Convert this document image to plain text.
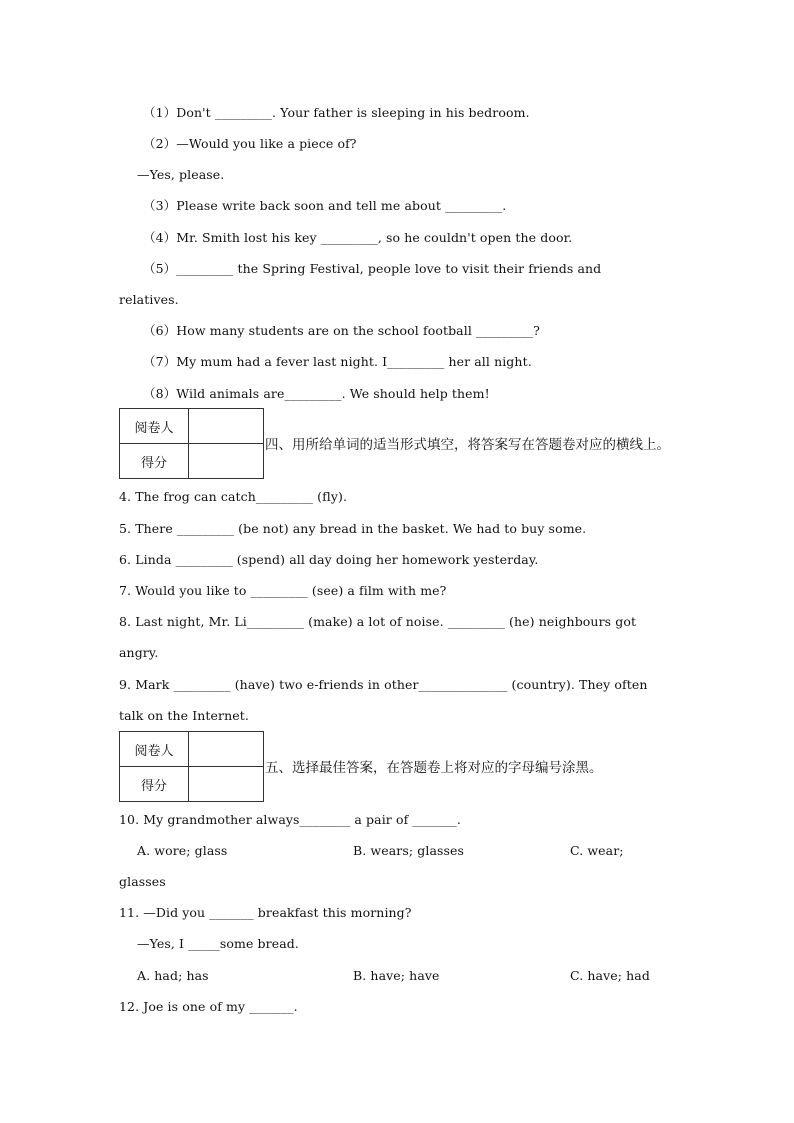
（1）Don't _________. Your father is sleeping in his bedroom.
（2）—Would you like a piece of?
—Yes, please.
（3）Please write back soon and tell me about _________.
（4）Mr. Smith lost his key _________, so he couldn't open the door.
（5）_________ the Spring Festival, people love to visit their friends and
relatives.
（6）How many students are on the school football _________?
（7）My mum had a fever last night. I_________ her all night.
（8）Wild animals are_________. We should help them!
阅卷人	
得分	
四、用所给单词的适当形式填空，将答案写在答题卷对应的横线上。
4. The frog can catch_________ (fly).
5. There _________ (be not) any bread in the basket. We had to buy some.
6. Linda _________ (spend) all day doing her homework yesterday.
7. Would you like to _________ (see) a film with me?
8. Last night, Mr. Li_________ (make) a lot of noise. _________ (he) neighbours got
angry.
9. Mark _________ (have) two e-friends in other______________ (country). They often
talk on the Internet.
阅卷人	
得分	
五、选择最佳答案，在答题卷上将对应的字母编号涂黑。
10. My grandmother always________ a pair of _______.
A. wore; glass	B. wears; glasses	C. wear;
glasses
11. —Did you _______ breakfast this morning?
—Yes, I _____some bread.
A. had; has	B. have; have	C. have; had
12. Joe is one of my _______.
